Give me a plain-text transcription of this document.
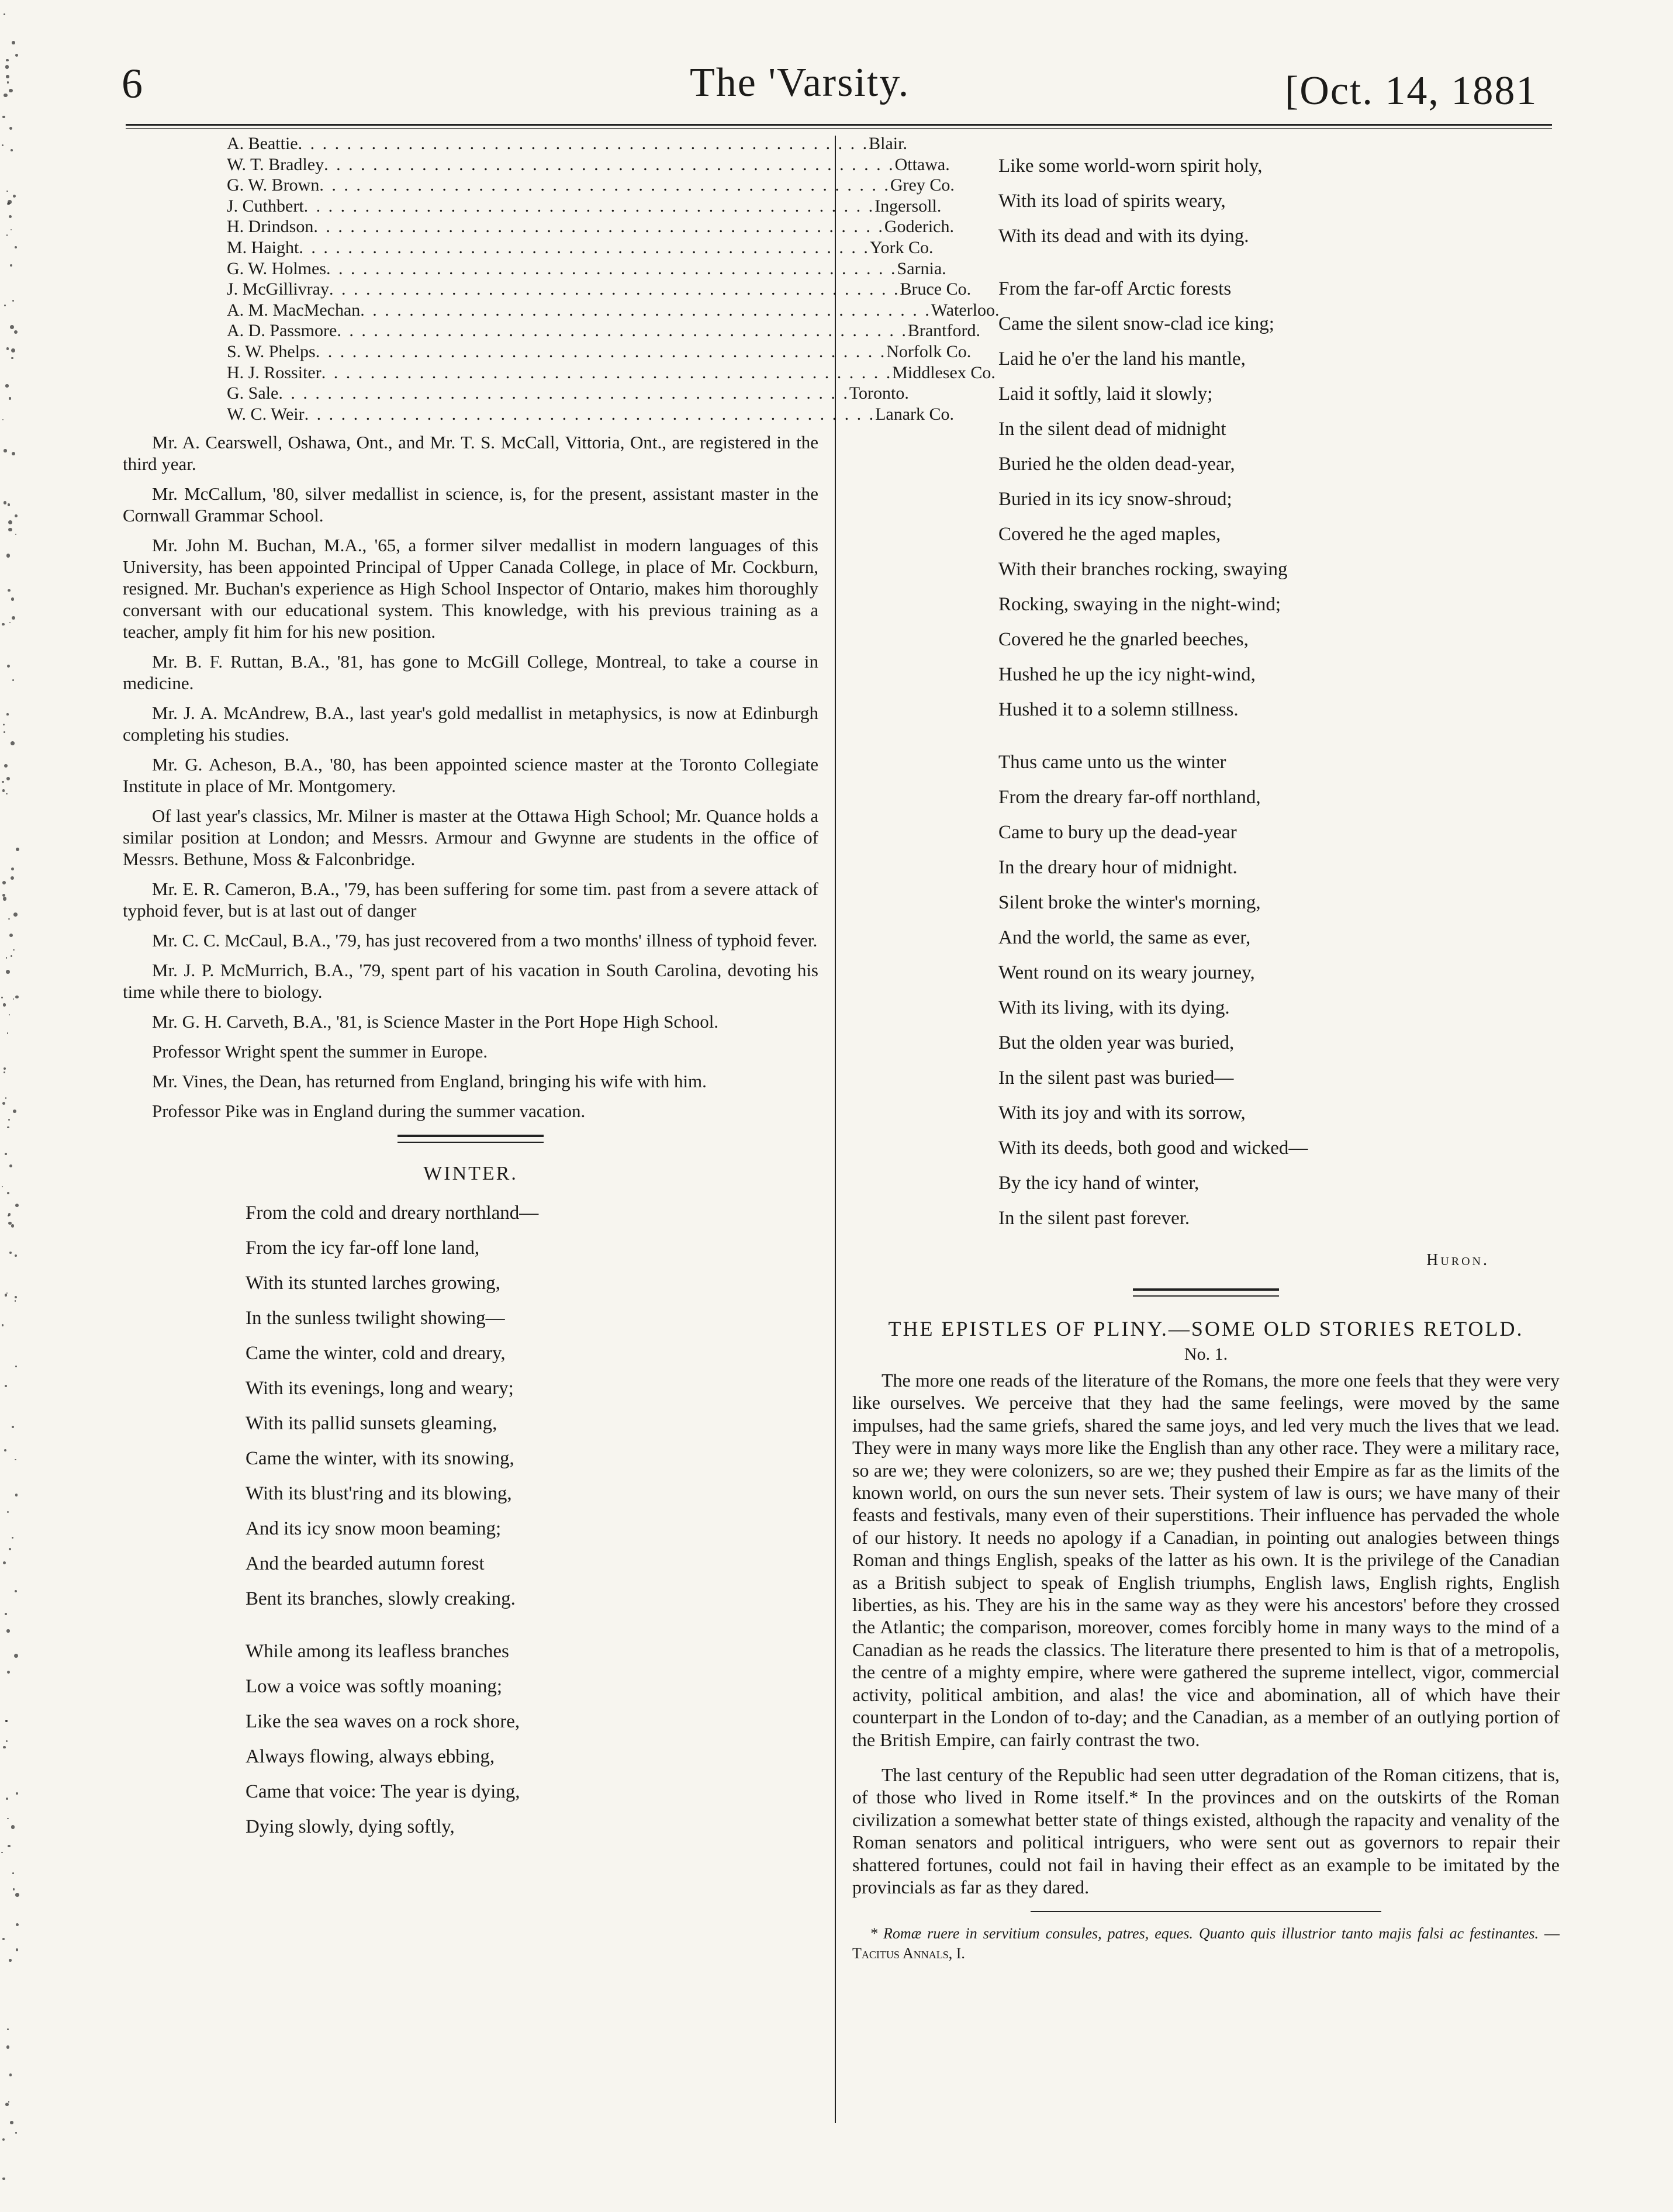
6	The 'Varsity.	[Oct. 14, 1881
A. Beattie . . . . . . . . . . . . . . . . . . . . . . . . . . . . . . . . . . . . . . . . . . . . . . . Blair.
W. T. Bradley . . . . . . . . . . . . . . . . . . . . . . . . . . . . . . . . . . . . . . . . . . . . . . . Ottawa.
G. W. Brown . . . . . . . . . . . . . . . . . . . . . . . . . . . . . . . . . . . . . . . . . . . . . . . Grey Co.
J. Cuthbert . . . . . . . . . . . . . . . . . . . . . . . . . . . . . . . . . . . . . . . . . . . . . . . Ingersoll.
H. Drindson . . . . . . . . . . . . . . . . . . . . . . . . . . . . . . . . . . . . . . . . . . . . . . . Goderich.
M. Haight . . . . . . . . . . . . . . . . . . . . . . . . . . . . . . . . . . . . . . . . . . . . . . . York Co.
G. W. Holmes . . . . . . . . . . . . . . . . . . . . . . . . . . . . . . . . . . . . . . . . . . . . . . . Sarnia.
J. McGillivray . . . . . . . . . . . . . . . . . . . . . . . . . . . . . . . . . . . . . . . . . . . . . . . Bruce Co.
A. M. MacMechan . . . . . . . . . . . . . . . . . . . . . . . . . . . . . . . . . . . . . . . . . . . . . . . Waterloo.
A. D. Passmore . . . . . . . . . . . . . . . . . . . . . . . . . . . . . . . . . . . . . . . . . . . . . . . Brantford.
S. W. Phelps . . . . . . . . . . . . . . . . . . . . . . . . . . . . . . . . . . . . . . . . . . . . . . . Norfolk Co.
H. J. Rossiter . . . . . . . . . . . . . . . . . . . . . . . . . . . . . . . . . . . . . . . . . . . . . . . Middlesex Co.
G. Sale . . . . . . . . . . . . . . . . . . . . . . . . . . . . . . . . . . . . . . . . . . . . . . . Toronto.
W. C. Weir . . . . . . . . . . . . . . . . . . . . . . . . . . . . . . . . . . . . . . . . . . . . . . . Lanark Co.

Mr. A. Cearswell, Oshawa, Ont., and Mr. T. S. McCall, Vittoria, Ont., are registered in the third year.

Mr. McCallum, '80, silver medallist in science, is, for the present, assistant master in the Cornwall Grammar School.

Mr. John M. Buchan, M.A., '65, a former silver medallist in modern languages of this University, has been appointed Principal of Upper Canada College, in place of Mr. Cockburn, resigned. Mr. Buchan's experience as High School Inspector of Ontario, makes him thoroughly conversant with our educational system. This knowledge, with his previous training as a teacher, amply fit him for his new position.

Mr. B. F. Ruttan, B.A., '81, has gone to McGill College, Montreal, to take a course in medicine.

Mr. J. A. McAndrew, B.A., last year's gold medallist in metaphysics, is now at Edinburgh completing his studies.

Mr. G. Acheson, B.A., '80, has been appointed science master at the Toronto Collegiate Institute in place of Mr. Montgomery.

Of last year's classics, Mr. Milner is master at the Ottawa High School; Mr. Quance holds a similar position at London; and Messrs. Armour and Gwynne are students in the office of Messrs. Bethune, Moss & Falconbridge.

Mr. E. R. Cameron, B.A., '79, has been suffering for some tim. past from a severe attack of typhoid fever, but is at last out of danger

Mr. C. C. McCaul, B.A., '79, has just recovered from a two months' illness of typhoid fever.

Mr. J. P. McMurrich, B.A., '79, spent part of his vacation in South Carolina, devoting his time while there to biology.

Mr. G. H. Carveth, B.A., '81, is Science Master in the Port Hope High School.

Professor Wright spent the summer in Europe.

Mr. Vines, the Dean, has returned from England, bringing his wife with him.

Professor Pike was in England during the summer vacation.

WINTER.
From the cold and dreary northland—
From the icy far-off lone land,
With its stunted larches growing,
In the sunless twilight showing—
Came the winter, cold and dreary,
With its evenings, long and weary;
With its pallid sunsets gleaming,
Came the winter, with its snowing,
With its blust'ring and its blowing,
And its icy snow moon beaming;
And the bearded autumn forest
Bent its branches, slowly creaking.
While among its leafless branches
Low a voice was softly moaning;
Like the sea waves on a rock shore,
Always flowing, always ebbing,
Came that voice: The year is dying,
Dying slowly, dying softly,
Like some world-worn spirit holy,
With its load of spirits weary,
With its dead and with its dying.
From the far-off Arctic forests
Came the silent snow-clad ice king;
Laid he o'er the land his mantle,
Laid it softly, laid it slowly;
In the silent dead of midnight
Buried he the olden dead-year,
Buried in its icy snow-shroud;
Covered he the aged maples,
With their branches rocking, swaying
Rocking, swaying in the night-wind;
Covered he the gnarled beeches,
Hushed he up the icy night-wind,
Hushed it to a solemn stillness.
Thus came unto us the winter
From the dreary far-off northland,
Came to bury up the dead-year
In the dreary hour of midnight.
Silent broke the winter's morning,
And the world, the same as ever,
Went round on its weary journey,
With its living, with its dying.
But the olden year was buried,
In the silent past was buried—
With its joy and with its sorrow,
With its deeds, both good and wicked—
By the icy hand of winter,
In the silent past forever.
Huron.
THE EPISTLES OF PLINY.—SOME OLD STORIES RETOLD.
No. 1.

The more one reads of the literature of the Romans, the more one feels that they were very like ourselves. We perceive that they had the same feelings, were moved by the same impulses, had the same griefs, shared the same joys, and led very much the lives that we lead. They were in many ways more like the English than any other race. They were a military race, so are we; they were colonizers, so are we; they pushed their Empire as far as the limits of the known world, on ours the sun never sets. Their system of law is ours; we have many of their feasts and festivals, many even of their superstitions. Their influence has pervaded the whole of our history. It needs no apology if a Canadian, in pointing out analogies between things Roman and things English, speaks of the latter as his own. It is the privilege of the Canadian as a British subject to speak of English triumphs, English laws, English rights, English liberties, as his. They are his in the same way as they were his ancestors' before they crossed the Atlantic; the comparison, moreover, comes forcibly home in many ways to the mind of a Canadian as he reads the classics. The literature there presented to him is that of a metropolis, the centre of a mighty empire, where were gathered the supreme intellect, vigor, commercial activity, political ambition, and alas! the vice and abomination, all of which have their counterpart in the London of to-day; and the Canadian, as a member of an outlying portion of the British Empire, can fairly contrast the two.

The last century of the Republic had seen utter degradation of the Roman citizens, that is, of those who lived in Rome itself.* In the provinces and on the outskirts of the Roman civilization a somewhat better state of things existed, although the rapacity and venality of the Roman senators and political intriguers, who were sent out as governors to repair their shattered fortunes, could not fail in having their effect as an example to be imitated by the provincials as far as they dared.

* Romæ ruere in servitium consules, patres, eques. Quanto quis illustrior tanto majis falsi ac festinantes. —Tacitus Annals, I.
